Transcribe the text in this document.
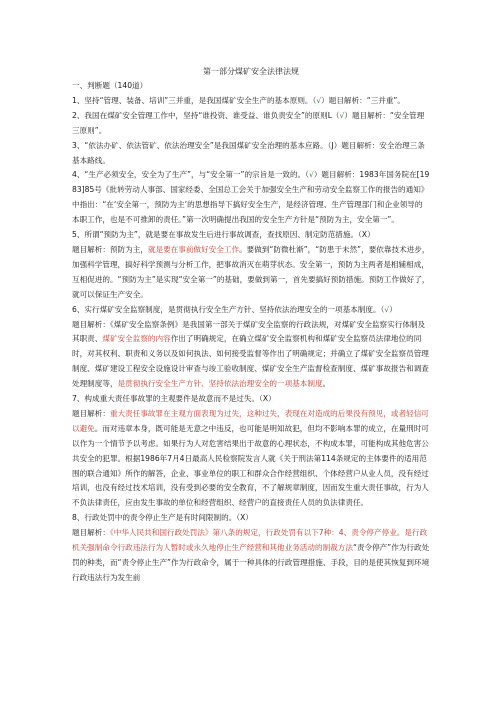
第一部分煤矿安全法律法规
一、判断题（140道）

1、坚持“管理、装备、培训”三并重，是我国煤矿安全生产的基本原则。（√）题目解析：“三并重”。

2、我国在煤矿安全管理工作中，坚持“谁投资、谁受益、谁负责安全”的原则L（√）题目解析：“安全管理三原则”。

3、“依法办矿、依法管矿、依法治理安全”是我国煤矿安全治理的基本应路。（J）题目解析：安全治理三条基本路线。

4、“生产必须安全，安全为了生产”，与“安全第一”的宗旨是一致的。（√）题目解析：1983年国务院在[1983]85号《批转劳动人事部、国家经委、全国总工会关于加强安全生产和劳动安全监察工作的报告的通知》中指出：“在‘安全第一，预防为主’的思想指导下搞好安全生产，是经济管理、生产管理部门和企业领导的本职工作，也是不可推卸的责任。”第一次明确提出我国的安全生产方针是“预防为主，安全第一”。

5、所谓“预防为主”，就是要在事故发生后进行事故调查，查找原因、制定防范措施。（X）

题目解析：预防为主，就是要在事前做好安全工作。要做到“防微杜渐”，“防患于未然”，要依靠技术进步，加强科学管理，搞好科学预测与分析工作，把事故消灭在萌芽状态。安全第一，预防为主两者是相辅相成，互相促进的。“预防为主”是实现“安全第一”的基础，要做到第一，首先要搞好预防措施。预防工作做好了，就可以保证生产安全。

6、实行煤矿安全监察制度，是贯彻执行安全生产方针、坚持依法治理安全的一项基本制度。（√）

题目解析：《煤矿安全监察条例》是我国第一部关于煤矿安全监察的行政法规，对煤矿安全监察实行体制及其职责、煤矿安全监察的内容作出了明确规定，在确立煤矿安全监察机构和煤矿安全监察员法律地位的同时，对其权利、职责和义务以及如何执法、如何接受监督等作出了明确规定；并确立了煤矿安全监察员管理制度、煤矿建设工程安全设施设计审查与竣工验收制度、煤矿安全生产监督检查制度、煤矿事故报告和调查处理制度等，是贯彻执行安全生产方针、坚持依法治理安全的一项基本制度。

7、构成重大责任事故罪的主观要件是故意而不是过失。（X）

题目解析：重大责任事故罪在主观方面表现为过失，这种过失，表现在对造成的后果没有预见，或者轻信可以避免。而对违章本身，既可能是无意之中违反，也可能是明知故犯，但均不影响本罪的成立，在量刑时可以作为一个情节予以考虑。如果行为人对危害结果出于故意的心理状态，不构成本罪，可能构成其他危害公共安全的犯罪。根据1986年7月4日最高人民检察院发言人就《关于刑法第114条规定的主体要件的适用范围的联合通知》所作的解答，企业、事业单位的职工和群众合作经营组织、个体经营户从业人员，没有经过培训，也没有经过技术培训，没有受到必要的安全教育，不了解规章制度，因而发生重大责任事故，行为人不负法律责任，应由发生事故的单位和经营组织、经营户的直接责任人员的负法律责任。

8、行政处罚中的责令停止生产是有时间限制的。（X）

题目解析：《中华人民共和国行政处罚法》第八条的规定，行政处罚有以下7种：4、责令停产停业。是行政机关强制命令行政违法行为人暂时或永久地停止生产经营和其他业务活动的制裁方法“责令停产”作为行政处罚的种类，而“责令停止生产”作为行政命令，属于一种具体的行政管理措施、手段，目的是使其恢复到环境行政违法行为发生前
